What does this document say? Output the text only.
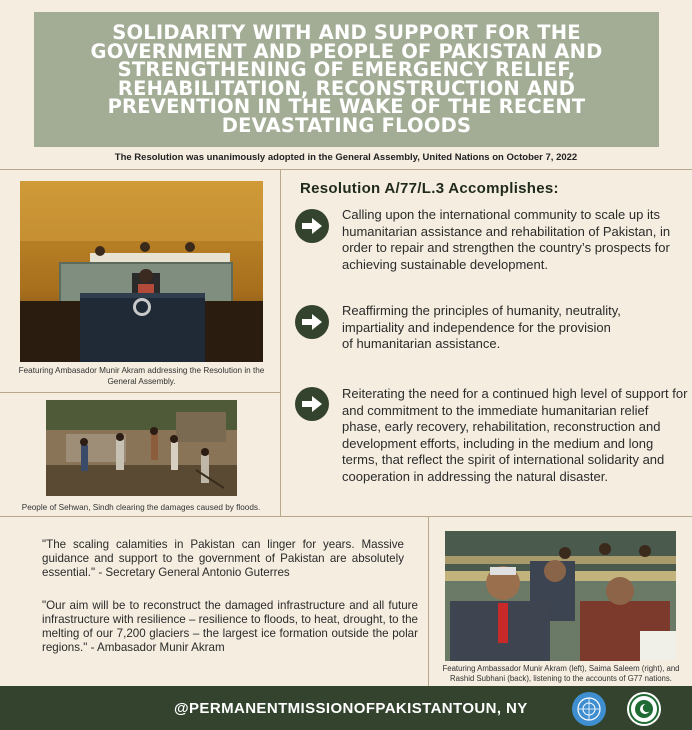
SOLIDARITY WITH AND SUPPORT FOR THE GOVERNMENT AND PEOPLE OF PAKISTAN AND STRENGTHENING OF EMERGENCY RELIEF, REHABILITATION, RECONSTRUCTION AND PREVENTION IN THE WAKE OF THE RECENT DEVASTATING FLOODS
The Resolution was unanimously adopted in the General Assembly, United Nations on October 7, 2022
Featuring Ambasador Munir Akram addressing the Resolution in the General Assembly.
People of Sehwan, Sindh clearing the damages caused by floods.
Resolution A/77/L.3 Accomplishes:
Calling upon the international community to scale up its humanitarian assistance and rehabilitation of Pakistan, in order to repair and strengthen the country’s prospects for achieving sustainable development.
Reaffirming the principles of humanity, neutrality, impartiality and independence for the provision of humanitarian assistance.
Reiterating the need for a continued high level of support for and commitment to the immediate humanitarian relief phase, early recovery, rehabilitation, reconstruction and development efforts, including in the medium and long terms, that reflect the spirit of international solidarity and cooperation in addressing the natural disaster.
"The scaling calamities in Pakistan can linger for years. Massive guidance and support to the government of Pakistan are absolutely essential." - Secretary General Antonio Guterres
"Our aim will be to reconstruct the damaged infrastructure and all future infrastructure with resilience – resilience to floods, to heat, drought, to the melting of our 7,200 glaciers – the largest ice formation outside the polar regions." - Ambasador Munir Akram
Featuring Ambassador Munir Akram (left), Saima Saleem (right), and Rashid Subhani (back), listening to the accounts of G77 nations.
@PERMANENTMISSIONOFPAKISTANTOUN, NY
